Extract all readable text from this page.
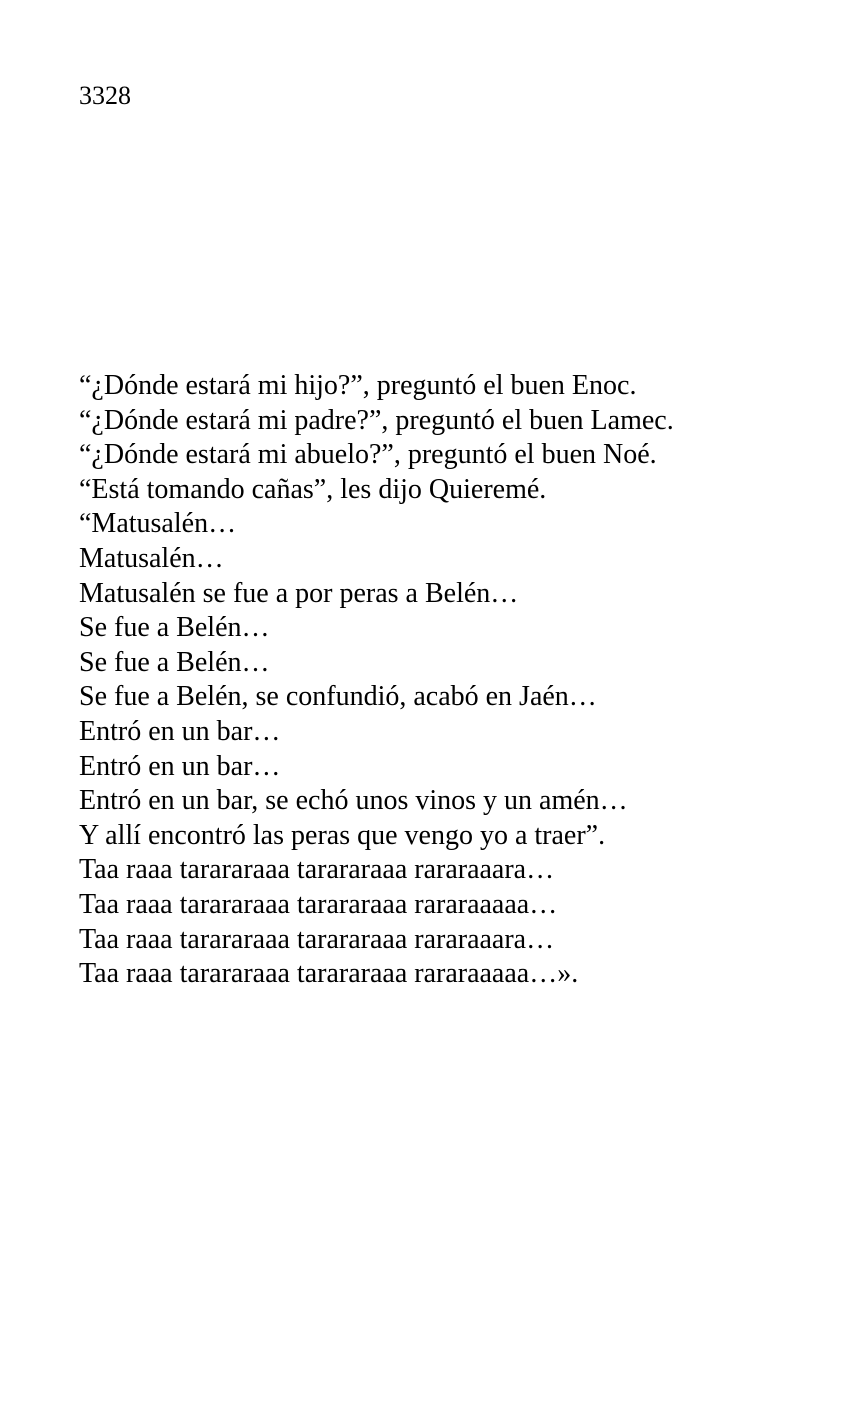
3328
“¿Dónde estará mi hijo?”, preguntó el buen Enoc.
“¿Dónde estará mi padre?”, preguntó el buen Lamec.
“¿Dónde estará mi abuelo?”, preguntó el buen Noé.
“Está tomando cañas”, les dijo Quieremé.
“Matusalén…
Matusalén…
Matusalén se fue a por peras a Belén…
Se fue a Belén…
Se fue a Belén…
Se fue a Belén, se confundió, acabó en Jaén…
Entró en un bar…
Entró en un bar…
Entró en un bar, se echó unos vinos y un amén…
Y allí encontró las peras que vengo yo a traer”.
Taa raaa tarararaaa tarararaaa rararaaara…
Taa raaa tarararaaa tarararaaa rararaaaaa…
Taa raaa tarararaaa tarararaaa rararaaara…
Taa raaa tarararaaa tarararaaa rararaaaaa…».
